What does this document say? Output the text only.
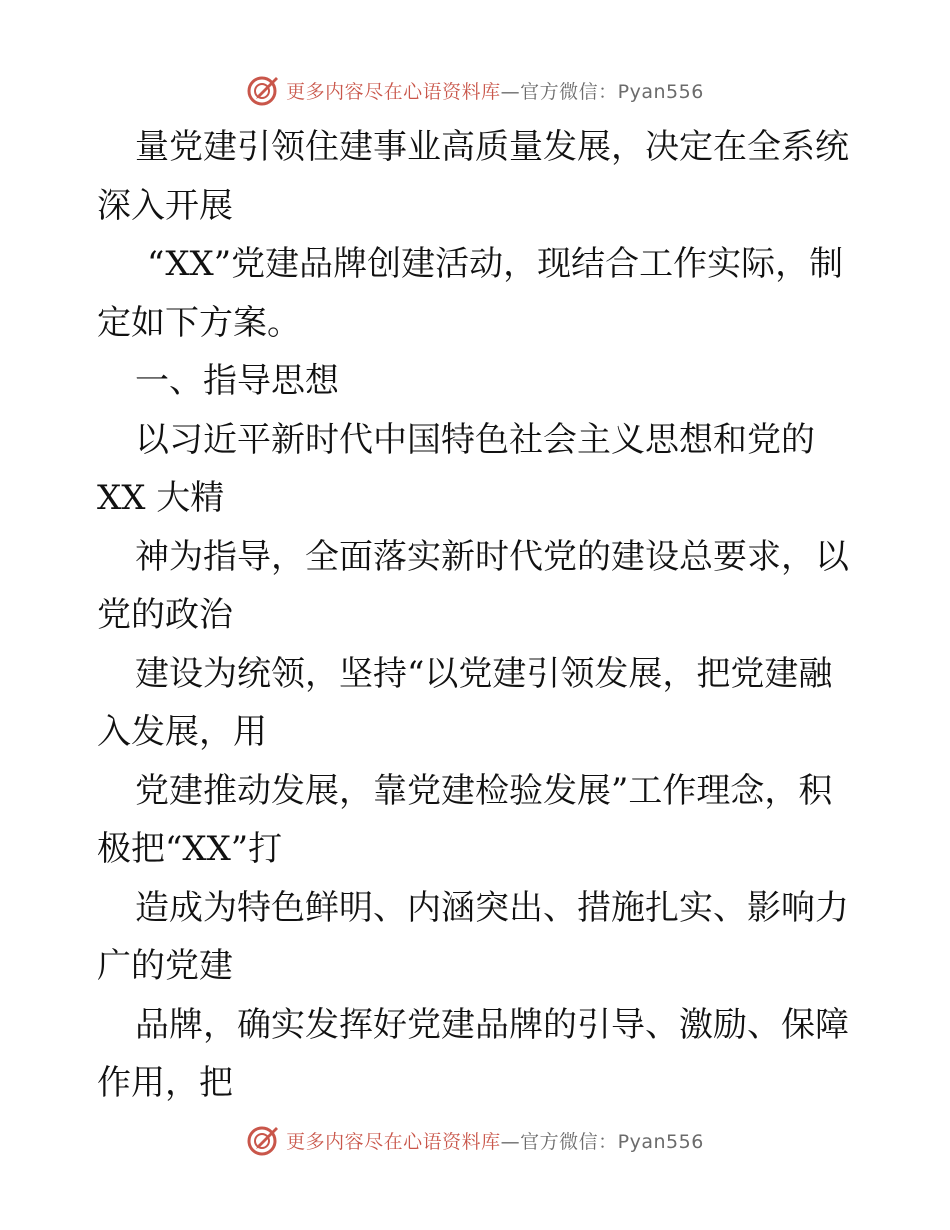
更多内容尽在心语资料库—官方微信：Pyan556
量党建引领住建事业高质量发展，决定在全系统
深入开展
“XX”党建品牌创建活动，现结合工作实际，制
定如下方案。
一、指导思想
以习近平新时代中国特色社会主义思想和党的
XX 大精
神为指导，全面落实新时代党的建设总要求，以
党的政治
建设为统领，坚持“以党建引领发展，把党建融
入发展，用
党建推动发展，靠党建检验发展”工作理念，积
极把“XX”打
造成为特色鲜明、内涵突出、措施扎实、影响力
广的党建
品牌，确实发挥好党建品牌的引导、激励、保障
作用，把
更多内容尽在心语资料库—官方微信：Pyan556
